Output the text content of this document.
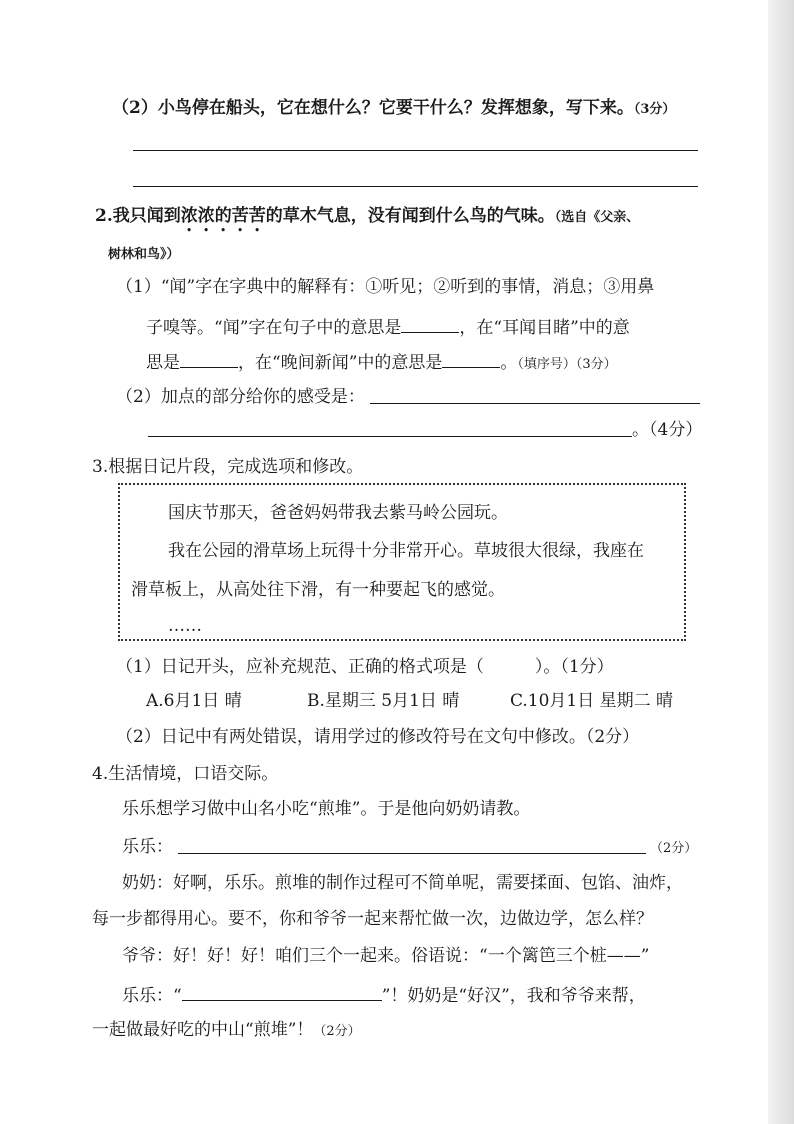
（2）小鸟停在船头，它在想什么？它要干什么？发挥想象，写下来。（3分）
2.我只闻到浓浓的苦苦的草木气息，没有闻到什么鸟的气味。（选自《父亲、
树林和鸟》）
（1）“闻”字在字典中的解释有：①听见；②听到的事情，消息；③用鼻
子嗅等。“闻”字在句子中的意思是	，在“耳闻目睹”中的意
思是	，在“晚间新闻”中的意思是	。（填序号）（3分）
（2）加点的部分给你的感受是：
。（4分）
3.根据日记片段，完成选项和修改。
国庆节那天，爸爸妈妈带我去紫马岭公园玩。
我在公园的滑草场上玩得十分非常开心。草坡很大很绿，我座在
滑草板上，从高处往下滑，有一种要起飞的感觉。
……
（1）日记开头，应补充规范、正确的格式项是（　　　）。（1分）
A.6月1日 晴	B.星期三 5月1日 晴	C.10月1日 星期二 晴
（2）日记中有两处错误，请用学过的修改符号在文句中修改。（2分）
4.生活情境，口语交际。
乐乐想学习做中山名小吃“煎堆”。于是他向奶奶请教。
乐乐：	（2分）
奶奶：好啊，乐乐。煎堆的制作过程可不简单呢，需要揉面、包馅、油炸，
每一步都得用心。要不，你和爷爷一起来帮忙做一次，边做边学，怎么样？
爷爷：好！好！好！咱们三个一起来。俗语说：“一个篱笆三个桩——”
乐乐：“	”！奶奶是“好汉”，我和爷爷来帮，
一起做最好吃的中山“煎堆”！（2分）
